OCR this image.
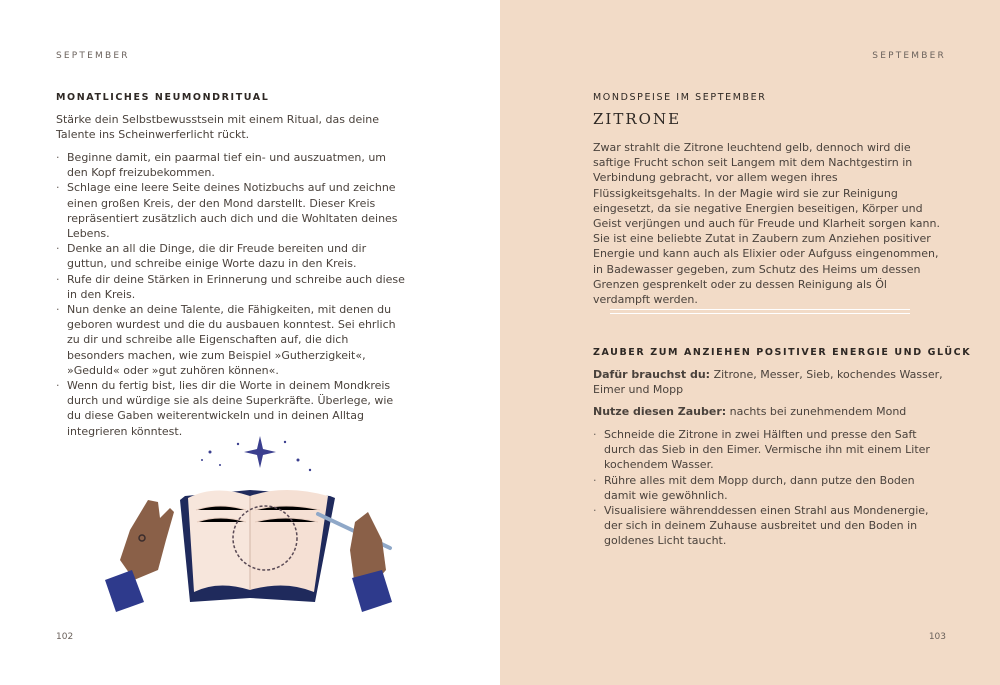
SEPTEMBER
MONATLICHES NEUMONDRITUAL
Stärke dein Selbstbewusstsein mit einem Ritual, das deine Talente ins Scheinwerferlicht rückt.
· Beginne damit, ein paarmal tief ein- und auszuatmen, um den Kopf freizubekommen.
· Schlage eine leere Seite deines Notizbuchs auf und zeichne einen großen Kreis, der den Mond darstellt. Dieser Kreis repräsentiert zusätzlich auch dich und die Wohltaten deines Lebens.
· Denke an all die Dinge, die dir Freude bereiten und dir guttun, und schreibe einige Worte dazu in den Kreis.
· Rufe dir deine Stärken in Erinnerung und schreibe auch diese in den Kreis.
· Nun denke an deine Talente, die Fähigkeiten, mit denen du geboren wurdest und die du ausbauen konntest. Sei ehrlich zu dir und schreibe alle Eigenschaften auf, die dich besonders machen, wie zum Beispiel »Gutherzigkeit«, »Geduld« oder »gut zuhören können«.
· Wenn du fertig bist, lies dir die Worte in deinem Mondkreis durch und würdige sie als deine Superkräfte. Überlege, wie du diese Gaben weiterentwickeln und in deinen Alltag integrieren könntest.
102
SEPTEMBER
MONDSPEISE IM SEPTEMBER
ZITRONE
Zwar strahlt die Zitrone leuchtend gelb, dennoch wird die saftige Frucht schon seit Langem mit dem Nachtgestirn in Verbindung gebracht, vor allem wegen ihres Flüssigkeitsgehalts. In der Magie wird sie zur Reinigung eingesetzt, da sie negative Energien beseitigen, Körper und Geist verjüngen und auch für Freude und Klarheit sorgen kann. Sie ist eine beliebte Zutat in Zaubern zum Anziehen positiver Energie und kann auch als Elixier oder Aufguss eingenommen, in Badewasser gegeben, zum Schutz des Heims um dessen Grenzen gesprenkelt oder zu dessen Reinigung als Öl verdampft werden.
ZAUBER ZUM ANZIEHEN POSITIVER ENERGIE UND GLÜCK

Dafür brauchst du: Zitrone, Messer, Sieb, kochendes Wasser, Eimer und Mopp

Nutze diesen Zauber: nachts bei zunehmendem Mond

· Schneide die Zitrone in zwei Hälften und presse den Saft durch das Sieb in den Eimer. Vermische ihn mit einem Liter kochendem Wasser.
· Rühre alles mit dem Mopp durch, dann putze den Boden damit wie gewöhnlich.
· Visualisiere währenddessen einen Strahl aus Mondenergie, der sich in deinem Zuhause ausbreitet und den Boden in goldenes Licht taucht.
103
